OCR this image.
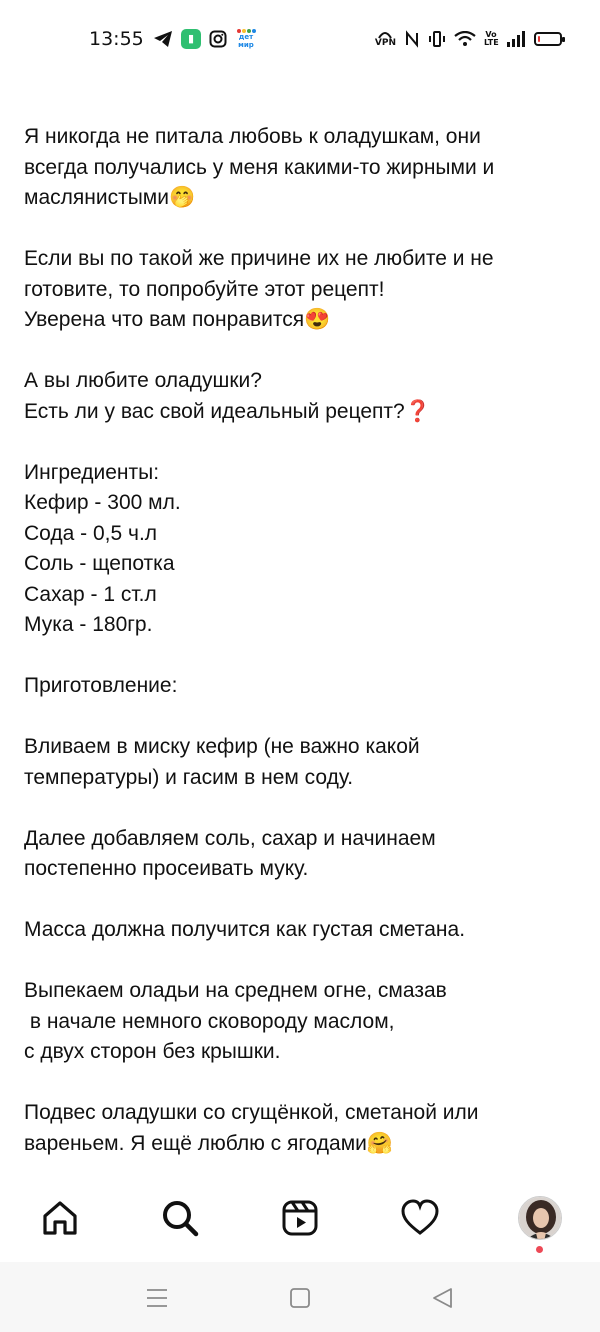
13:55	▮	дет мир	VPN
Vo LTE
Я никогда не питала любовь к оладушкам, они
всегда получались у меня какими-то жирными и
маслянистыми🤭
Если вы по такой же причине их не любите и не
готовите, то попробуйте этот рецепт!
Уверена что вам понравится😍
А вы любите оладушки?
Есть ли у вас свой идеальный рецепт?❓
Ингредиенты:
Кефир - 300 мл.
Сода - 0,5 ч.л
Соль - щепотка
Сахар - 1 ст.л
Мука - 180гр.
Приготовление:
Вливаем в миску кефир (не важно какой
температуры) и гасим в нем соду.
Далее добавляем соль, сахар и начинаем
постепенно просеивать муку.
Масса должна получится как густая сметана.
Выпекаем оладьи на среднем огне, смазав
в начале немного сковороду маслом,
с двух сторон без крышки.
Подвес оладушки со сгущёнкой, сметаной или
вареньем. Я ещё люблю с ягодами🤗
